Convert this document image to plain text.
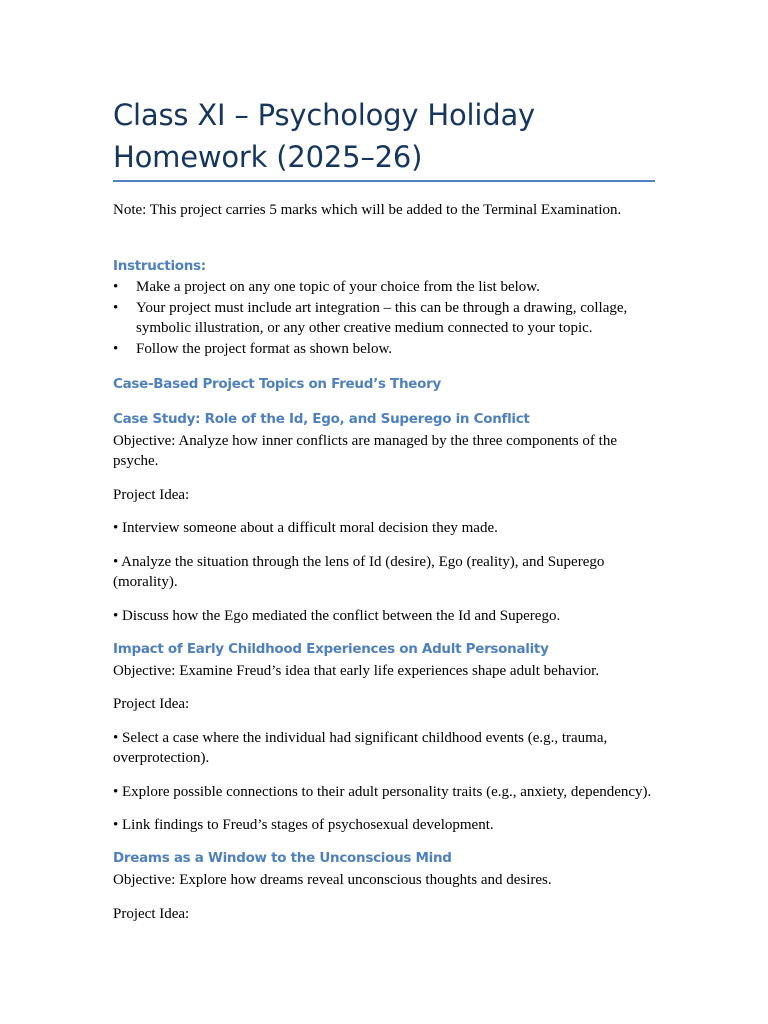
Class XI – Psychology Holiday Homework (2025–26)
Note: This project carries 5 marks which will be added to the Terminal Examination.
Instructions:
• Make a project on any one topic of your choice from the list below.
• Your project must include art integration – this can be through a drawing, collage, symbolic illustration, or any other creative medium connected to your topic.
• Follow the project format as shown below.
Case-Based Project Topics on Freud’s Theory
Case Study: Role of the Id, Ego, and Superego in Conflict
Objective: Analyze how inner conflicts are managed by the three components of the psyche.
Project Idea:
• Interview someone about a difficult moral decision they made.
• Analyze the situation through the lens of Id (desire), Ego (reality), and Superego (morality).
• Discuss how the Ego mediated the conflict between the Id and Superego.
Impact of Early Childhood Experiences on Adult Personality
Objective: Examine Freud’s idea that early life experiences shape adult behavior.
Project Idea:
• Select a case where the individual had significant childhood events (e.g., trauma, overprotection).
• Explore possible connections to their adult personality traits (e.g., anxiety, dependency).
• Link findings to Freud’s stages of psychosexual development.
Dreams as a Window to the Unconscious Mind
Objective: Explore how dreams reveal unconscious thoughts and desires.
Project Idea:
